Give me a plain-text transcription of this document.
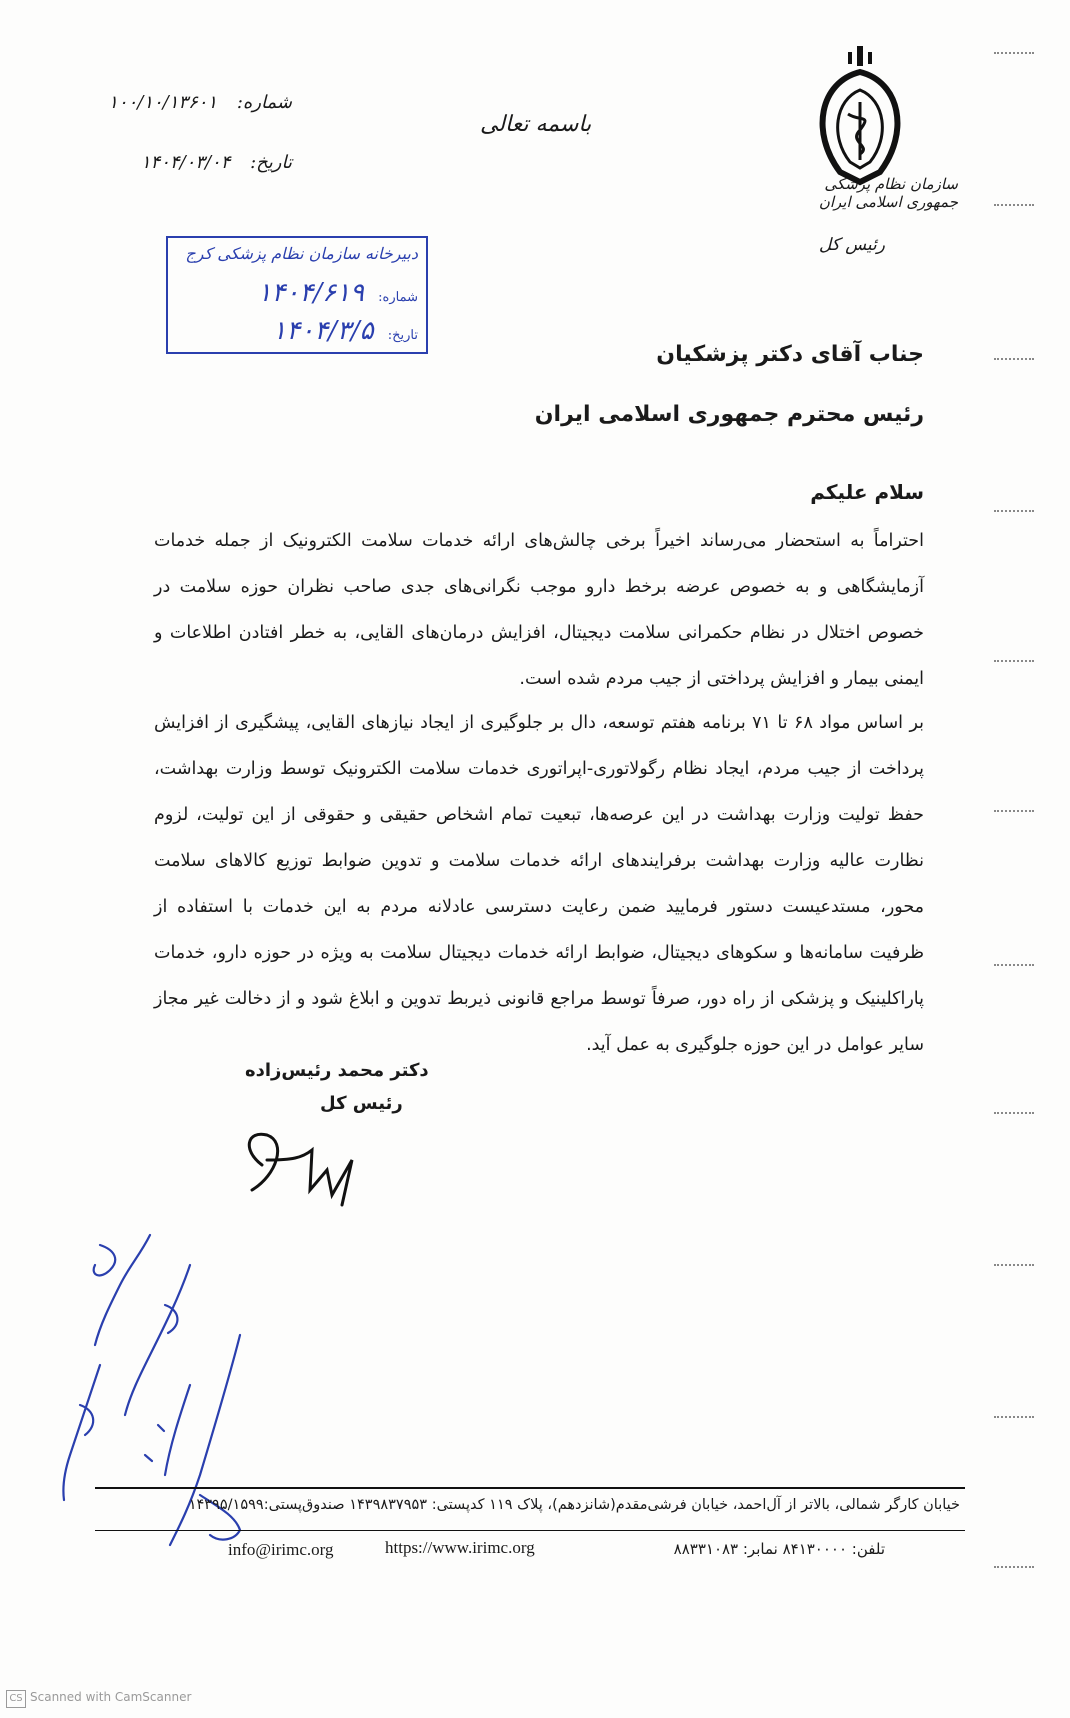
سازمان نظام پزشکی جمهوری اسلامی ایران
رئیس کل
باسمه تعالی
شماره: ۱۰۰/۱۰/۱۳۶۰۱
تاریخ: ۱۴۰۴/۰۳/۰۴
دبیرخانه سازمان نظام پزشکی کرج
شماره: ۱۴۰۴/۶۱۹
تاریخ: ۱۴۰۴/۳/۵
جناب آقای دکتر پزشکیان
رئیس محترم جمهوری اسلامی ایران
سلام علیکم
احتراماً به استحضار می‌رساند اخیراً برخی چالش‌های ارائه خدمات سلامت الکترونیک از جمله خدمات آزمایشگاهی و به خصوص عرضه برخط دارو موجب نگرانی‌های جدی صاحب نظران حوزه سلامت در خصوص اختلال در نظام حکمرانی سلامت دیجیتال، افزایش درمان‌های القایی، به خطر افتادن اطلاعات و ایمنی بیمار و افزایش پرداختی از جیب مردم شده است.
بر اساس مواد ۶۸ تا ۷۱ برنامه هفتم توسعه، دال بر جلوگیری از ایجاد نیازهای القایی، پیشگیری از افزایش پرداخت از جیب مردم، ایجاد نظام رگولاتوری-اپراتوری خدمات سلامت الکترونیک توسط وزارت بهداشت، حفظ تولیت وزارت بهداشت در این عرصه‌ها، تبعیت تمام اشخاص حقیقی و حقوقی از این تولیت، لزوم نظارت عالیه وزارت بهداشت برفرایندهای ارائه خدمات سلامت و تدوین ضوابط توزیع کالاهای سلامت محور، مستدعیست دستور فرمایید ضمن رعایت دسترسی عادلانه مردم به این خدمات با استفاده از ظرفیت سامانه‌ها و سکوهای دیجیتال، ضوابط ارائه خدمات دیجیتال سلامت به ویژه در حوزه دارو، خدمات پاراکلینیک و پزشکی از راه دور، صرفاً توسط مراجع قانونی ذیربط تدوین و ابلاغ شود و از دخالت غیر مجاز سایر عوامل در این حوزه جلوگیری به عمل آید.
دکتر محمد رئیس‌زاده
رئیس کل
خیابان کارگر شمالی، بالاتر از آل‌احمد، خیابان فرشی‌مقدم(شانزدهم)، پلاک ۱۱۹ کدپستی: ۱۴۳۹۸۳۷۹۵۳ صندوق‌پستی:۱۴۳۹۵/۱۵۹۹
تلفن: ۸۴۱۳۰۰۰۰ نمابر: ۸۸۳۳۱۰۸۳
https://www.irimc.org
info@irimc.org
CS Scanned with CamScanner
